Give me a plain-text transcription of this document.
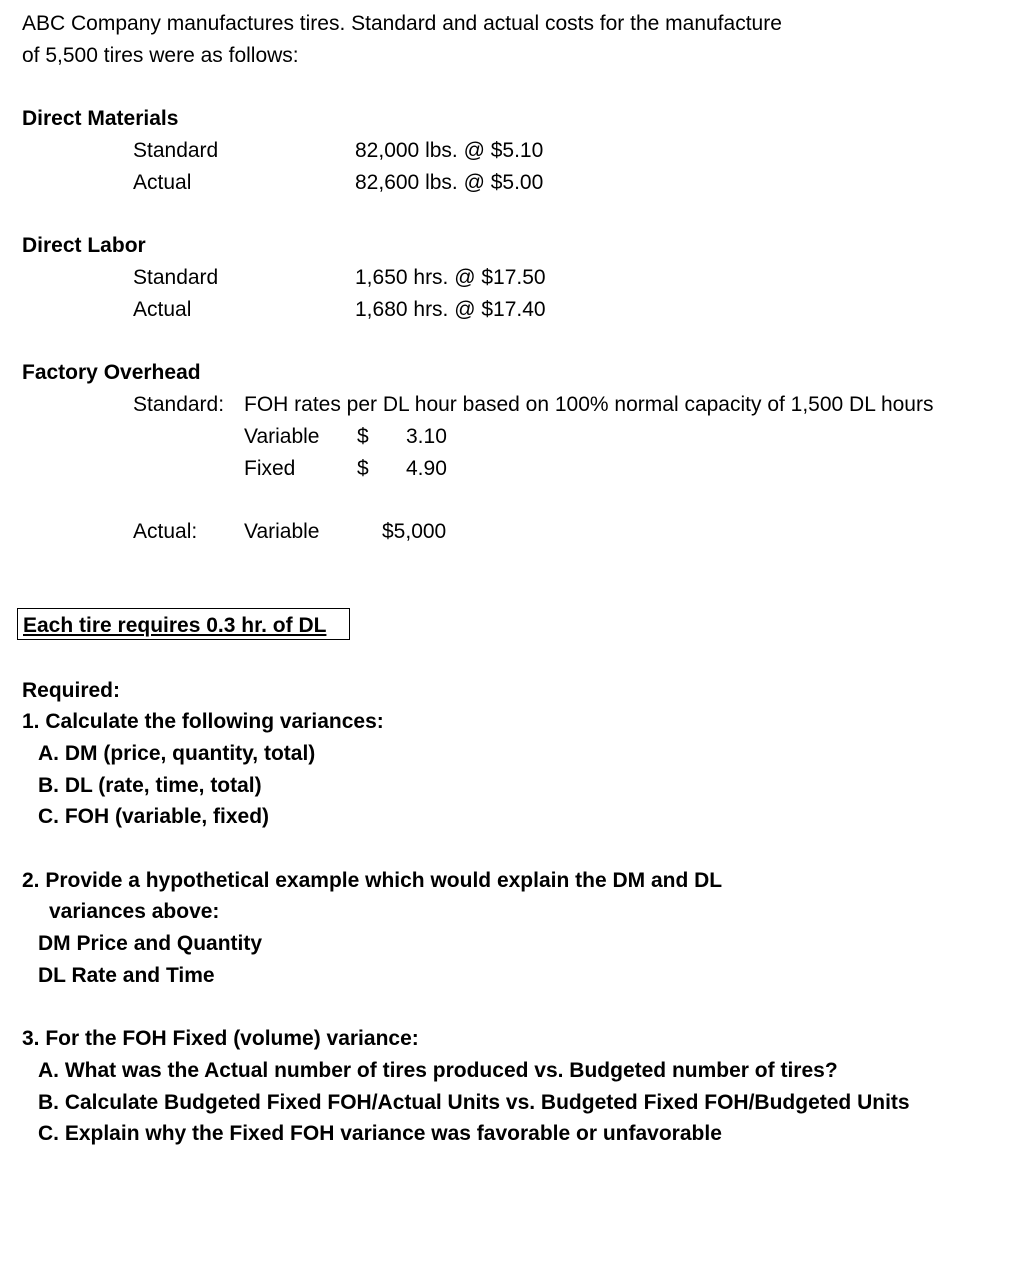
ABC Company manufactures tires. Standard and actual costs for the manufacture
of 5,500 tires were as follows:
Direct Materials
Standard	82,000 lbs. @ $5.10
Actual	82,600 lbs. @ $5.00
Direct Labor
Standard	1,650 hrs. @ $17.50
Actual	1,680 hrs. @ $17.40
Factory Overhead
Standard: FOH rates per DL hour based on 100% normal capacity of 1,500 DL hours
Variable $ 3.10
Fixed	$ 4.90
Actual: Variable	$5,000
Each tire requires 0.3 hr. of DL
Required:
1. Calculate the following variances:
A. DM (price, quantity, total)
B. DL (rate, time, total)
C. FOH (variable, fixed)
2. Provide a hypothetical example which would explain the DM and DL
variances above:
DM Price and Quantity
DL Rate and Time
3. For the FOH Fixed (volume) variance:
A. What was the Actual number of tires produced vs. Budgeted number of tires?
B. Calculate Budgeted Fixed FOH/Actual Units vs. Budgeted Fixed FOH/Budgeted Units
C. Explain why the Fixed FOH variance was favorable or unfavorable
